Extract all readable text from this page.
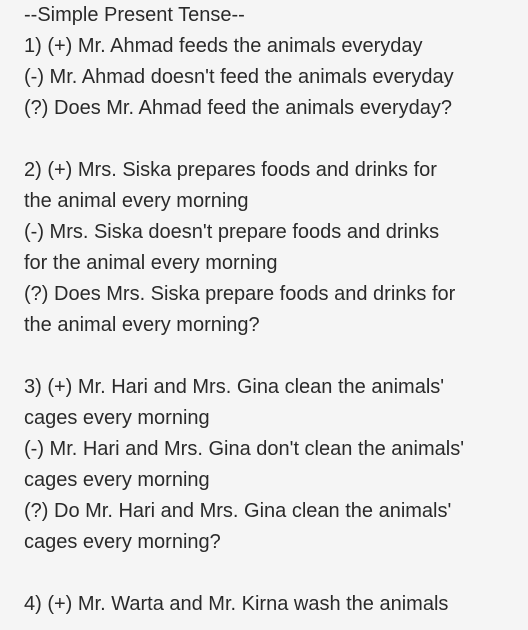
--Simple Present Tense--
1) (+) Mr. Ahmad feeds the animals everyday
(-) Mr. Ahmad doesn't feed the animals everyday
(?) Does Mr. Ahmad feed the animals everyday?
2) (+) Mrs. Siska prepares foods and drinks for
the animal every morning
(-) Mrs. Siska doesn't prepare foods and drinks
for the animal every morning
(?) Does Mrs. Siska prepare foods and drinks for
the animal every morning?
3) (+) Mr. Hari and Mrs. Gina clean the animals'
cages every morning
(-) Mr. Hari and Mrs. Gina don't clean the animals'
cages every morning
(?) Do Mr. Hari and Mrs. Gina clean the animals'
cages every morning?
4) (+) Mr. Warta and Mr. Kirna wash the animals
